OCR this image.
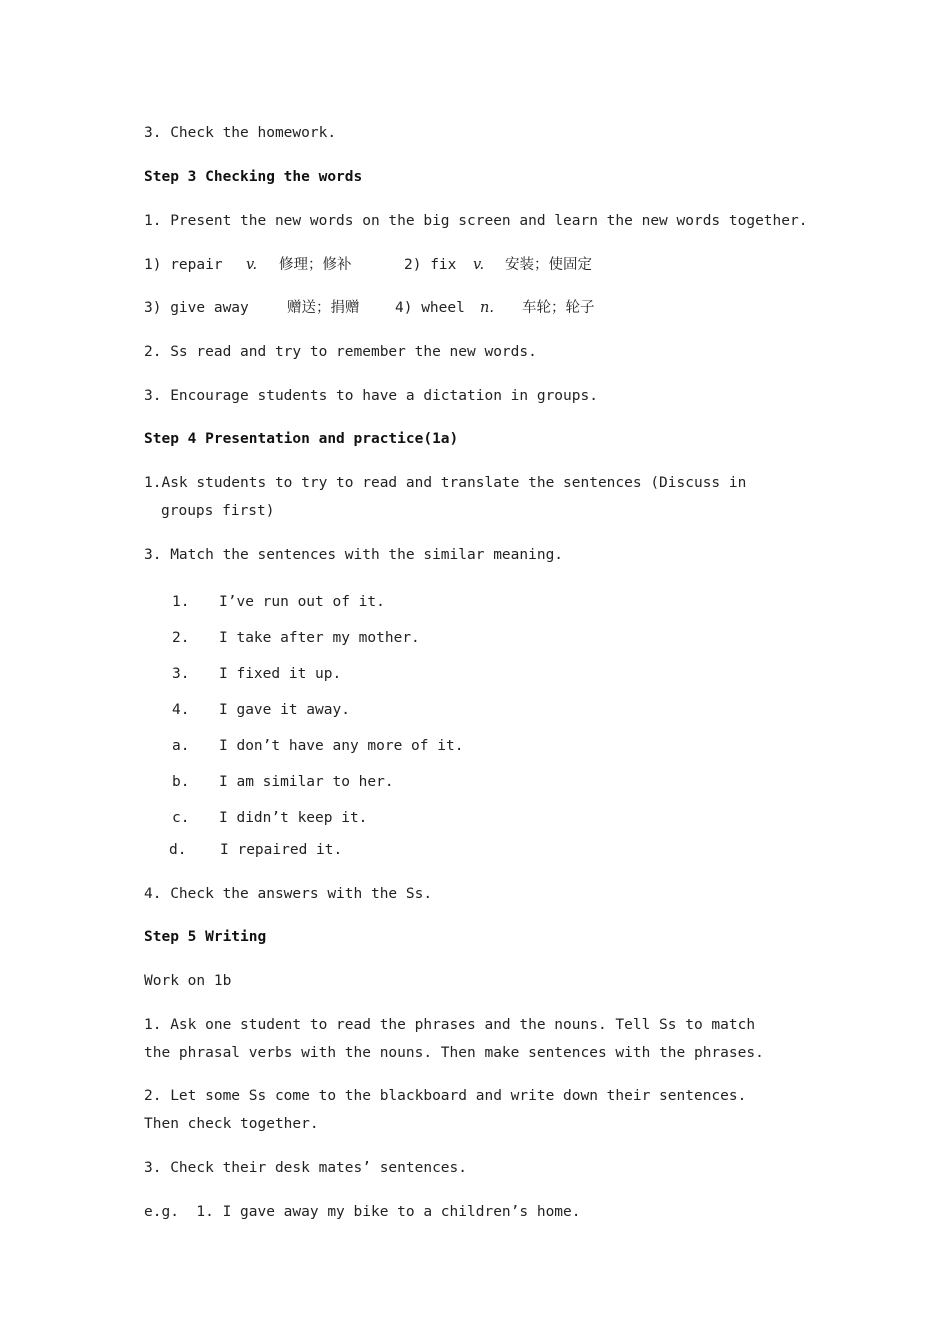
3. Check the homework.
Step 3 Checking the words
1. Present the new words on the big screen and learn the new words together.
1) repair v. 修理；修补	2) fix v. 安装；使固定
3) give away	赠送；捐赠 4) wheel n. 车轮；轮子
2. Ss read and try to remember the new words.
3. Encourage students to have a dictation in groups.
Step 4 Presentation and practice(1a)
1.Ask students to try to read and translate the sentences (Discuss in groups first)
3. Match the sentences with the similar meaning.
1. I’ve run out of it.
2. I take after my mother.
3. I fixed it up.
4. I gave it away.
a. I don’t have any more of it.
b. I am similar to her.
c. I didn’t keep it.
d. I repaired it.
4. Check the answers with the Ss.
Step 5 Writing
Work on 1b
1. Ask one student to read the phrases and the nouns. Tell Ss to match the phrasal verbs with the nouns. Then make sentences with the phrases.
2. Let some Ss come to the blackboard and write down their sentences. Then check together.
3. Check their desk mates’ sentences.
e.g.  1. I gave away my bike to a children’s home.
